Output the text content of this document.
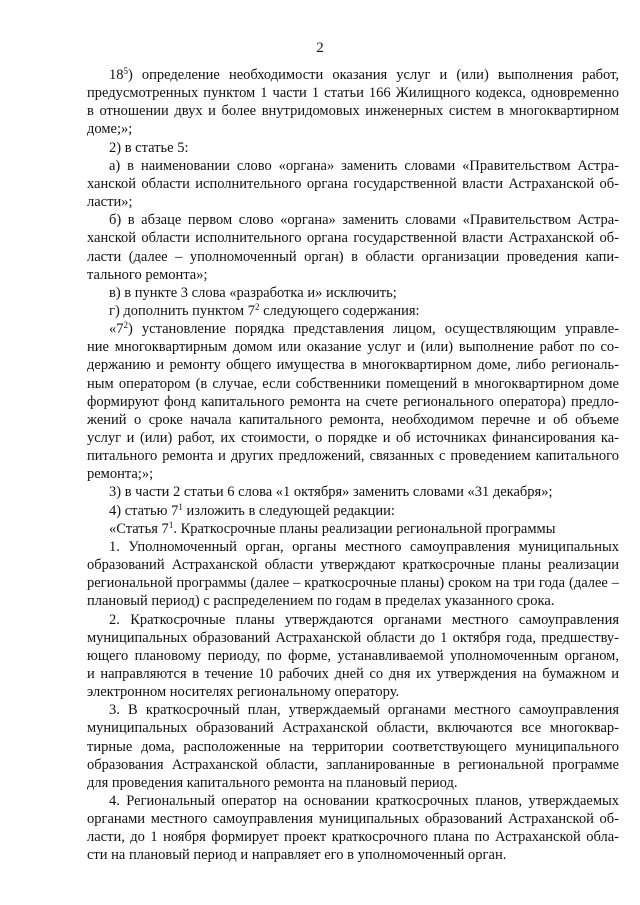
2
$18^5$) определение необходимости оказания услуг и (или) выполнения работ,
предусмотренных пунктом 1 части 1 статьи 166 Жилищного кодекса, одновременно
в отношении двух и более внутридомовых инженерных систем в многоквартирном
доме;»;
2) в статье 5:
а) в наименовании слово «органа» заменить словами «Правительством Астра-
ханской области исполнительного органа государственной власти Астраханской об-
ласти»;
б) в абзаце первом слово «органа» заменить словами «Правительством Астра-
ханской области исполнительного органа государственной власти Астраханской об-
ласти (далее – уполномоченный орган) в области организации проведения капи-
тального ремонта»;
в) в пункте 3 слова «разработка и» исключить;
г) дополнить пунктом $7^2$ следующего содержания:
«$7^2$) установление порядка представления лицом, осуществляющим управле-
ние многоквартирным домом или оказание услуг и (или) выполнение работ по со-
держанию и ремонту общего имущества в многоквартирном доме, либо региональ-
ным оператором (в случае, если собственники помещений в многоквартирном доме
формируют фонд капитального ремонта на счете регионального оператора) предло-
жений о сроке начала капитального ремонта, необходимом перечне и об объеме
услуг и (или) работ, их стоимости, о порядке и об источниках финансирования ка-
питального ремонта и других предложений, связанных с проведением капитального
ремонта;»;
3) в части 2 статьи 6 слова «1 октября» заменить словами «31 декабря»;
4) статью $7^1$ изложить в следующей редакции:
«Статья $7^1$. Краткосрочные планы реализации региональной программы
1. Уполномоченный орган, органы местного самоуправления муниципальных
образований Астраханской области утверждают краткосрочные планы реализации
региональной программы (далее – краткосрочные планы) сроком на три года (далее –
плановый период) с распределением по годам в пределах указанного срока.
2. Краткосрочные планы утверждаются органами местного самоуправления
муниципальных образований Астраханской области до 1 октября года, предшеству-
ющего плановому периоду, по форме, устанавливаемой уполномоченным органом,
и направляются в течение 10 рабочих дней со дня их утверждения на бумажном и
электронном носителях региональному оператору.
3. В краткосрочный план, утверждаемый органами местного самоуправления
муниципальных образований Астраханской области, включаются все многоквар-
тирные дома, расположенные на территории соответствующего муниципального
образования Астраханской области, запланированные в региональной программе
для проведения капитального ремонта на плановый период.
4. Региональный оператор на основании краткосрочных планов, утверждаемых
органами местного самоуправления муниципальных образований Астраханской об-
ласти, до 1 ноября формирует проект краткосрочного плана по Астраханской обла-
сти на плановый период и направляет его в уполномоченный орган.
